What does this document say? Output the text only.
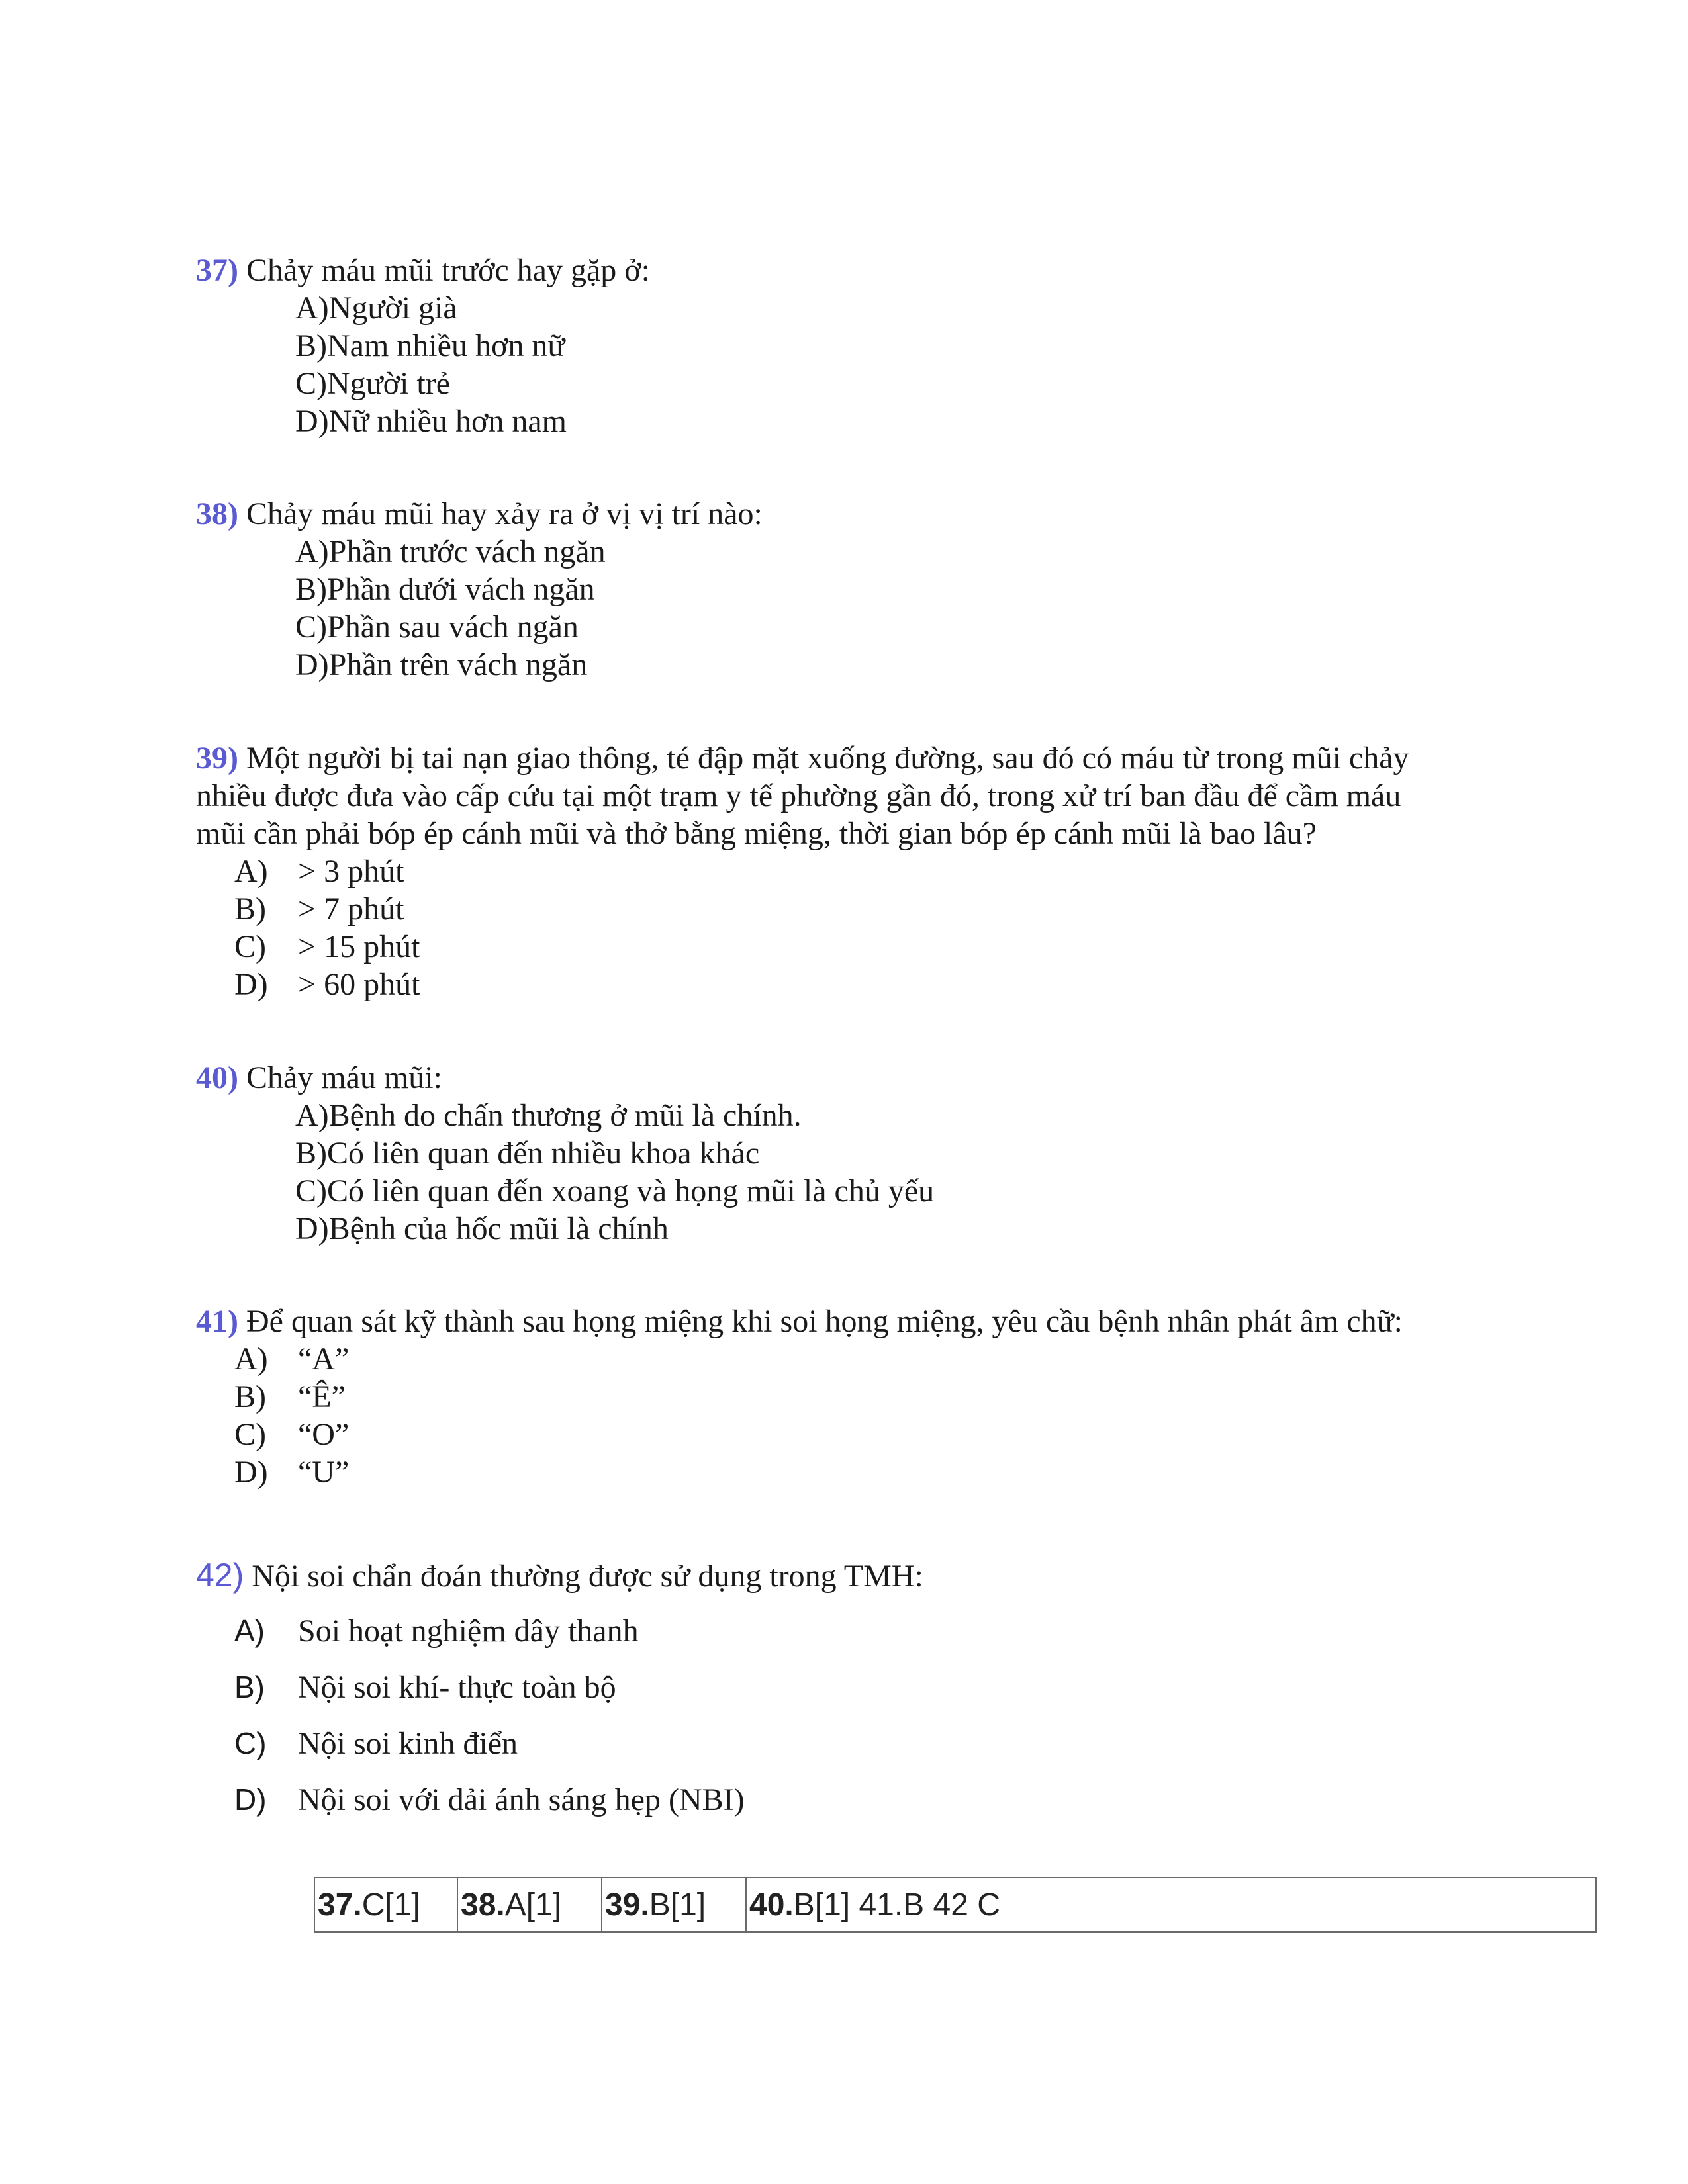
37) Chảy máu mũi trước hay gặp ở:
A)Người già
B)Nam nhiều hơn nữ
C)Người trẻ
D)Nữ nhiều hơn nam
38) Chảy máu mũi hay xảy ra ở vị vị trí nào:
A)Phần trước vách ngăn
B)Phần dưới vách ngăn
C)Phần sau vách ngăn
D)Phần trên vách ngăn
39) Một người bị tai nạn giao thông, té đập mặt xuống đường, sau đó có máu từ trong mũi chảy
nhiều được đưa vào cấp cứu tại một trạm y tế phường gần đó, trong xử trí ban đầu để cầm máu
mũi cần phải bóp ép cánh mũi và thở bằng miệng, thời gian bóp ép cánh mũi là bao lâu?
A) > 3 phút
B) > 7 phút
C) > 15 phút
D) > 60 phút
40) Chảy máu mũi:
A)Bệnh do chấn thương ở mũi là chính.
B)Có liên quan đến nhiều khoa khác
C)Có liên quan đến xoang và họng mũi là chủ yếu
D)Bệnh của hốc mũi là chính
41) Để quan sát kỹ thành sau họng miệng khi soi họng miệng, yêu cầu bệnh nhân phát âm chữ:
A) “A”
B) “Ê”
C) “O”
D) “U”
42) Nội soi chẩn đoán thường được sử dụng trong TMH:
A) Soi hoạt nghiệm dây thanh
B) Nội soi khí- thực toàn bộ
C) Nội soi kinh điển
D) Nội soi với dải ánh sáng hẹp (NBI)
37. C[1] 38. A[1] 39. B[1] 40. B[1] 41.B 42 C
